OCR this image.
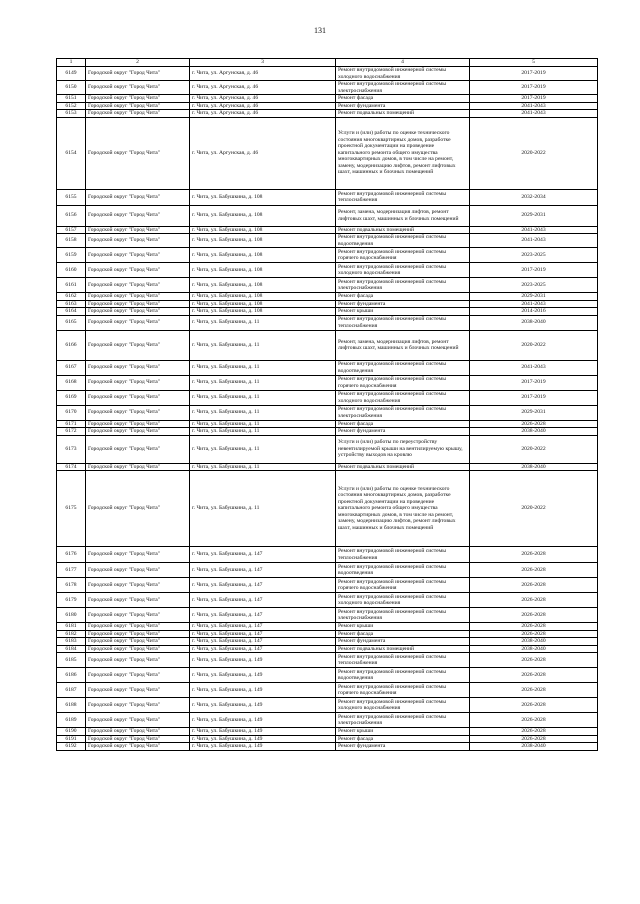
131
1	2	3	4	5
6149	Городской округ "Город Чита"	г. Чита, ул. Аргунская, д. 46	Ремонт внутридомовой инженерной системы холодного водоснабжения	2017-2019
6150	Городской округ "Город Чита"	г. Чита, ул. Аргунская, д. 46	Ремонт внутридомовой инженерной системы электроснабжения	2017-2019
6151	Городской округ "Город Чита"	г. Чита, ул. Аргунская, д. 46	Ремонт фасада	2017-2019
6152	Городской округ "Город Чита"	г. Чита, ул. Аргунская, д. 46	Ремонт фундамента	2041-2043
6153	Городской округ "Город Чита"	г. Чита, ул. Аргунская, д. 46	Ремонт подвальных помещений	2041-2043
6154	Городской округ "Город Чита"	г. Чита, ул. Аргунская, д. 46	Услуги и (или) работы по оценке технического состояния многоквартирных домов, разработке проектной документации на проведение капитального ремонта общего имущества многоквартирных домов, в том числе на ремонт, замену, модернизацию лифтов, ремонт лифтовых шахт, машинных и блочных помещений	2020-2022
6155	Городской округ "Город Чита"	г. Чита, ул. Бабушкина, д. 108	Ремонт внутридомовой инженерной системы теплоснабжения	2032-2034
6156	Городской округ "Город Чита"	г. Чита, ул. Бабушкина, д. 108	Ремонт, замена, модернизация лифтов, ремонт лифтовых шахт, машинных и блочных помещений	2029-2031
6157	Городской округ "Город Чита"	г. Чита, ул. Бабушкина, д. 108	Ремонт подвальных помещений	2041-2043
6158	Городской округ "Город Чита"	г. Чита, ул. Бабушкина, д. 108	Ремонт внутридомовой инженерной системы водоотведения	2041-2043
6159	Городской округ "Город Чита"	г. Чита, ул. Бабушкина, д. 108	Ремонт внутридомовой инженерной системы горячего водоснабжения	2023-2025
6160	Городской округ "Город Чита"	г. Чита, ул. Бабушкина, д. 108	Ремонт внутридомовой инженерной системы холодного водоснабжения	2017-2019
6161	Городской округ "Город Чита"	г. Чита, ул. Бабушкина, д. 108	Ремонт внутридомовой инженерной системы электроснабжения	2023-2025
6162	Городской округ "Город Чита"	г. Чита, ул. Бабушкина, д. 108	Ремонт фасада	2029-2031
6163	Городской округ "Город Чита"	г. Чита, ул. Бабушкина, д. 108	Ремонт фундамента	2041-2043
6164	Городской округ "Город Чита"	г. Чита, ул. Бабушкина, д. 108	Ремонт крыши	2014-2016
6165	Городской округ "Город Чита"	г. Чита, ул. Бабушкина, д. 11	Ремонт внутридомовой инженерной системы теплоснабжения	2038-2040
6166	Городской округ "Город Чита"	г. Чита, ул. Бабушкина, д. 11	Ремонт, замена, модернизация лифтов, ремонт лифтовых шахт, машинных и блочных помещений	2020-2022
6167	Городской округ "Город Чита"	г. Чита, ул. Бабушкина, д. 11	Ремонт внутридомовой инженерной системы водоотведения	2041-2043
6168	Городской округ "Город Чита"	г. Чита, ул. Бабушкина, д. 11	Ремонт внутридомовой инженерной системы горячего водоснабжения	2017-2019
6169	Городской округ "Город Чита"	г. Чита, ул. Бабушкина, д. 11	Ремонт внутридомовой инженерной системы холодного водоснабжения	2017-2019
6170	Городской округ "Город Чита"	г. Чита, ул. Бабушкина, д. 11	Ремонт внутридомовой инженерной системы электроснабжения	2029-2031
6171	Городской округ "Город Чита"	г. Чита, ул. Бабушкина, д. 11	Ремонт фасада	2026-2028
6172	Городской округ "Город Чита"	г. Чита, ул. Бабушкина, д. 11	Ремонт фундамента	2038-2040
6173	Городской округ "Город Чита"	г. Чита, ул. Бабушкина, д. 11	Услуги и (или) работы по переустройству невентилируемой крыши на вентилируемую крышу, устройству выходов на кровлю	2020-2022
6174	Городской округ "Город Чита"	г. Чита, ул. Бабушкина, д. 11	Ремонт подвальных помещений	2038-2040
6175	Городской округ "Город Чита"	г. Чита, ул. Бабушкина, д. 11	Услуги и (или) работы по оценке технического состояния многоквартирных домов, разработке проектной документации на проведение капитального ремонта общего имущества многоквартирных домов, в том числе на ремонт, замену, модернизацию лифтов, ремонт лифтовых шахт, машинных и блочных помещений	2020-2022
6176	Городской округ "Город Чита"	г. Чита, ул. Бабушкина, д. 147	Ремонт внутридомовой инженерной системы теплоснабжения	2026-2028
6177	Городской округ "Город Чита"	г. Чита, ул. Бабушкина, д. 147	Ремонт внутридомовой инженерной системы водоотведения	2026-2028
6178	Городской округ "Город Чита"	г. Чита, ул. Бабушкина, д. 147	Ремонт внутридомовой инженерной системы горячего водоснабжения	2026-2028
6179	Городской округ "Город Чита"	г. Чита, ул. Бабушкина, д. 147	Ремонт внутридомовой инженерной системы холодного водоснабжения	2026-2028
6180	Городской округ "Город Чита"	г. Чита, ул. Бабушкина, д. 147	Ремонт внутридомовой инженерной системы электроснабжения	2026-2028
6181	Городской округ "Город Чита"	г. Чита, ул. Бабушкина, д. 147	Ремонт крыши	2026-2028
6182	Городской округ "Город Чита"	г. Чита, ул. Бабушкина, д. 147	Ремонт фасада	2026-2028
6183	Городской округ "Город Чита"	г. Чита, ул. Бабушкина, д. 147	Ремонт фундамента	2038-2040
6184	Городской округ "Город Чита"	г. Чита, ул. Бабушкина, д. 147	Ремонт подвальных помещений	2038-2040
6185	Городской округ "Город Чита"	г. Чита, ул. Бабушкина, д. 149	Ремонт внутридомовой инженерной системы теплоснабжения	2026-2028
6186	Городской округ "Город Чита"	г. Чита, ул. Бабушкина, д. 149	Ремонт внутридомовой инженерной системы водоотведения	2026-2028
6187	Городской округ "Город Чита"	г. Чита, ул. Бабушкина, д. 149	Ремонт внутридомовой инженерной системы горячего водоснабжения	2026-2028
6188	Городской округ "Город Чита"	г. Чита, ул. Бабушкина, д. 149	Ремонт внутридомовой инженерной системы холодного водоснабжения	2026-2028
6189	Городской округ "Город Чита"	г. Чита, ул. Бабушкина, д. 149	Ремонт внутридомовой инженерной системы электроснабжения	2026-2028
6190	Городской округ "Город Чита"	г. Чита, ул. Бабушкина, д. 149	Ремонт крыши	2026-2028
6191	Городской округ "Город Чита"	г. Чита, ул. Бабушкина, д. 149	Ремонт фасада	2026-2028
6192	Городской округ "Город Чита"	г. Чита, ул. Бабушкина, д. 149	Ремонт фундамента	2038-2040
